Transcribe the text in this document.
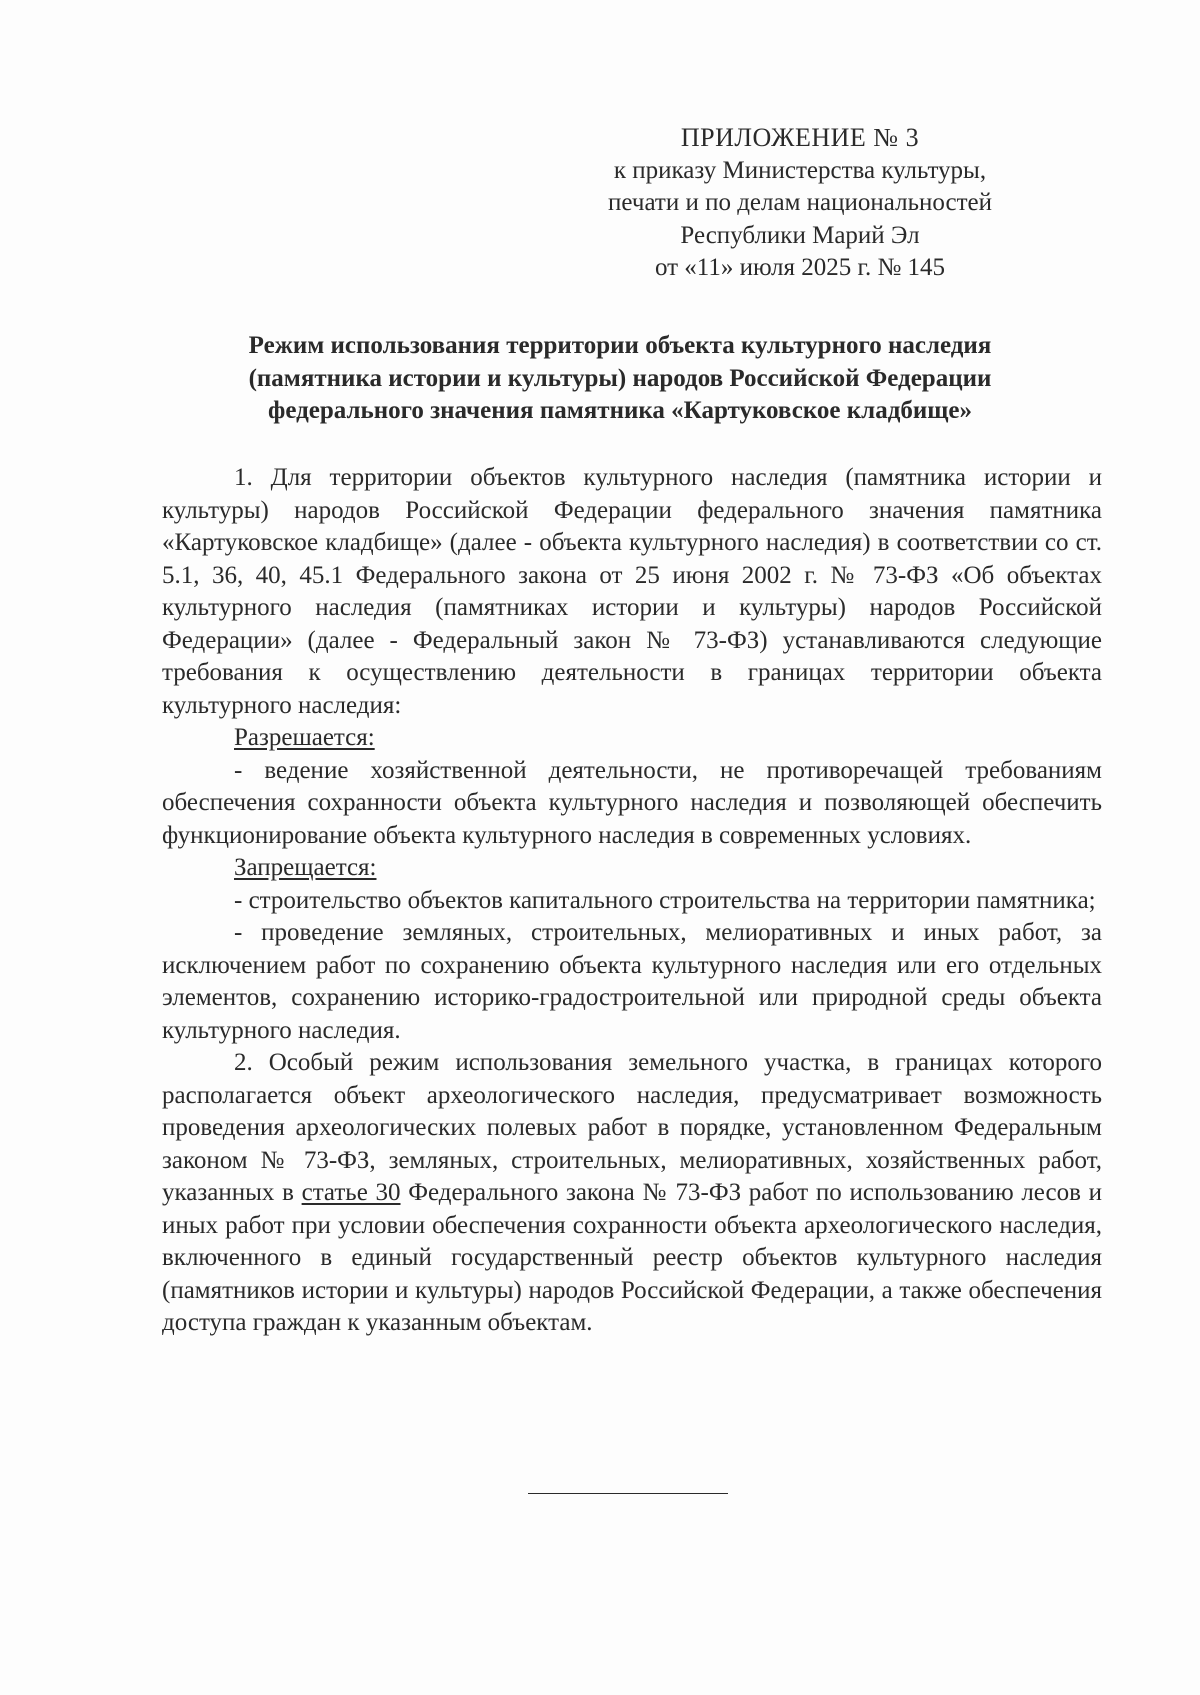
ПРИЛОЖЕНИЕ № 3
к приказу Министерства культуры,
печати и по делам национальностей
Республики Марий Эл
от «11» июля 2025 г. № 145
Режим использования территории объекта культурного наследия
(памятника истории и культуры) народов Российской Федерации
федерального значения памятника «Картуковское кладбище»

1. Для территории объектов культурного наследия (памятника истории и культуры) народов Российской Федерации федерального значения памятника «Картуковское кладбище» (далее - объекта культурного наследия) в соответствии со ст. 5.1, 36, 40, 45.1 Федерального закона от 25 июня 2002 г. № 73-ФЗ «Об объектах культурного наследия (памятниках истории и культуры) народов Российской Федерации» (далее - Федеральный закон № 73-ФЗ) устанавливаются следующие требования к осуществлению деятельности в границах территории объекта культурного наследия:

Разрешается:

- ведение хозяйственной деятельности, не противоречащей требованиям обеспечения сохранности объекта культурного наследия и позволяющей обеспечить функционирование объекта культурного наследия в современных условиях.

Запрещается:

- строительство объектов капитального строительства на территории памятника;

- проведение земляных, строительных, мелиоративных и иных работ, за исключением работ по сохранению объекта культурного наследия или его отдельных элементов, сохранению историко-градостроительной или природной среды объекта культурного наследия.

2. Особый режим использования земельного участка, в границах которого располагается объект археологического наследия, предусматривает возможность проведения археологических полевых работ в порядке, установленном Федеральным законом № 73-ФЗ, земляных, строительных, мелиоративных, хозяйственных работ, указанных в статье 30 Федерального закона № 73-ФЗ работ по использованию лесов и иных работ при условии обеспечения сохранности объекта археологического наследия, включенного в единый государственный реестр объектов культурного наследия (памятников истории и культуры) народов Российской Федерации, а также обеспечения доступа граждан к указанным объектам.
